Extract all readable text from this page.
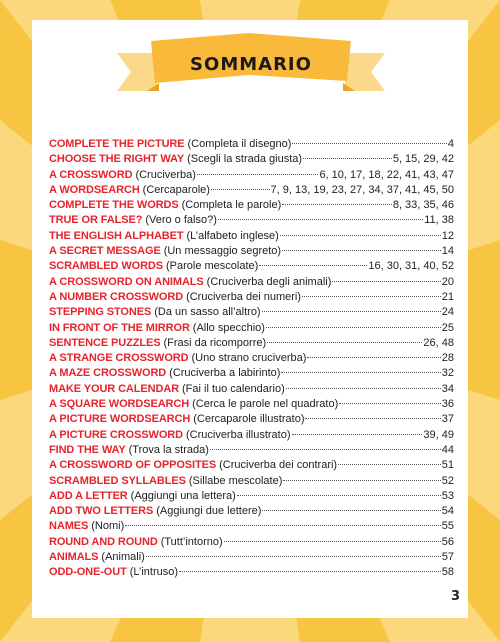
SOMMARIO
COMPLETE THE PICTURE (Completa il disegno)	4
CHOOSE THE RIGHT WAY (Scegli la strada giusta)	5, 15, 29, 42
A CROSSWORD (Cruciverba)	6, 10, 17, 18, 22, 41, 43, 47
A WORDSEARCH (Cercaparole)	7, 9, 13, 19, 23, 27, 34, 37, 41, 45, 50
COMPLETE THE WORDS (Completa le parole)	8, 33, 35, 46
TRUE OR FALSE? (Vero o falso?)	11, 38
THE ENGLISH ALPHABET (L’alfabeto inglese)	12
A SECRET MESSAGE (Un messaggio segreto)	14
SCRAMBLED WORDS (Parole mescolate)	16, 30, 31, 40, 52
A CROSSWORD ON ANIMALS (Cruciverba degli animali)	20
A NUMBER CROSSWORD (Cruciverba dei numeri)	21
STEPPING STONES (Da un sasso all’altro)	24
IN FRONT OF THE MIRROR (Allo specchio)	25
SENTENCE PUZZLES (Frasi da ricomporre)	26, 48
A STRANGE CROSSWORD (Uno strano cruciverba)	28
A MAZE CROSSWORD (Cruciverba a labirinto)	32
MAKE YOUR CALENDAR (Fai il tuo calendario)	34
A SQUARE WORDSEARCH (Cerca le parole nel quadrato)	36
A PICTURE WORDSEARCH (Cercaparole illustrato)	37
A PICTURE CROSSWORD (Cruciverba illustrato)	39, 49
FIND THE WAY (Trova la strada)	44
A CROSSWORD OF OPPOSITES (Cruciverba dei contrari)	51
SCRAMBLED SYLLABLES (Sillabe mescolate)	52
ADD A LETTER (Aggiungi una lettera)	53
ADD TWO LETTERS (Aggiungi due lettere)	54
NAMES (Nomi)	55
ROUND AND ROUND (Tutt’intorno)	56
ANIMALS (Animali)	57
ODD-ONE-OUT (L’intruso)	58
3
